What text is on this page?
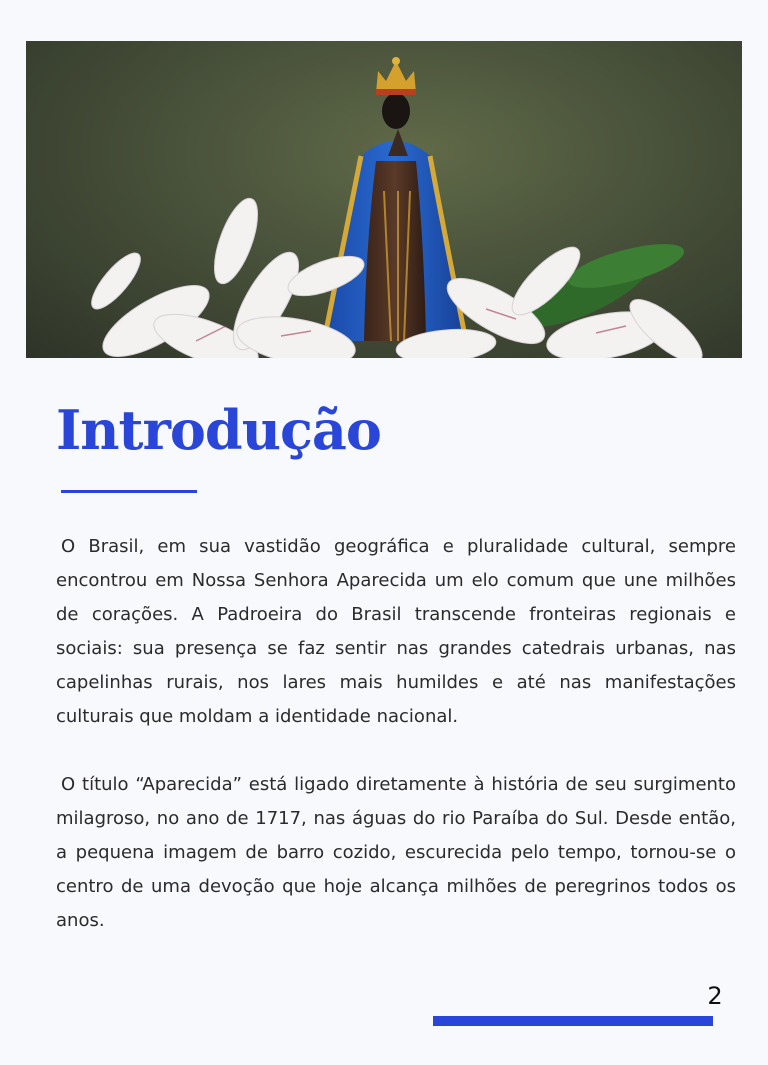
Introdução

O Brasil, em sua vastidão geográfica e pluralidade cultural, sempre encontrou em Nossa Senhora Aparecida um elo comum que une milhões de corações. A Padroeira do Brasil transcende fronteiras regionais e sociais: sua presença se faz sentir nas grandes catedrais urbanas, nas capelinhas rurais, nos lares mais humildes e até nas manifestações culturais que moldam a identidade nacional.

O título “Aparecida” está ligado diretamente à história de seu surgimento milagroso, no ano de 1717, nas águas do rio Paraíba do Sul. Desde então, a pequena imagem de barro cozido, escurecida pelo tempo, tornou-se o centro de uma devoção que hoje alcança milhões de peregrinos todos os anos.

2
